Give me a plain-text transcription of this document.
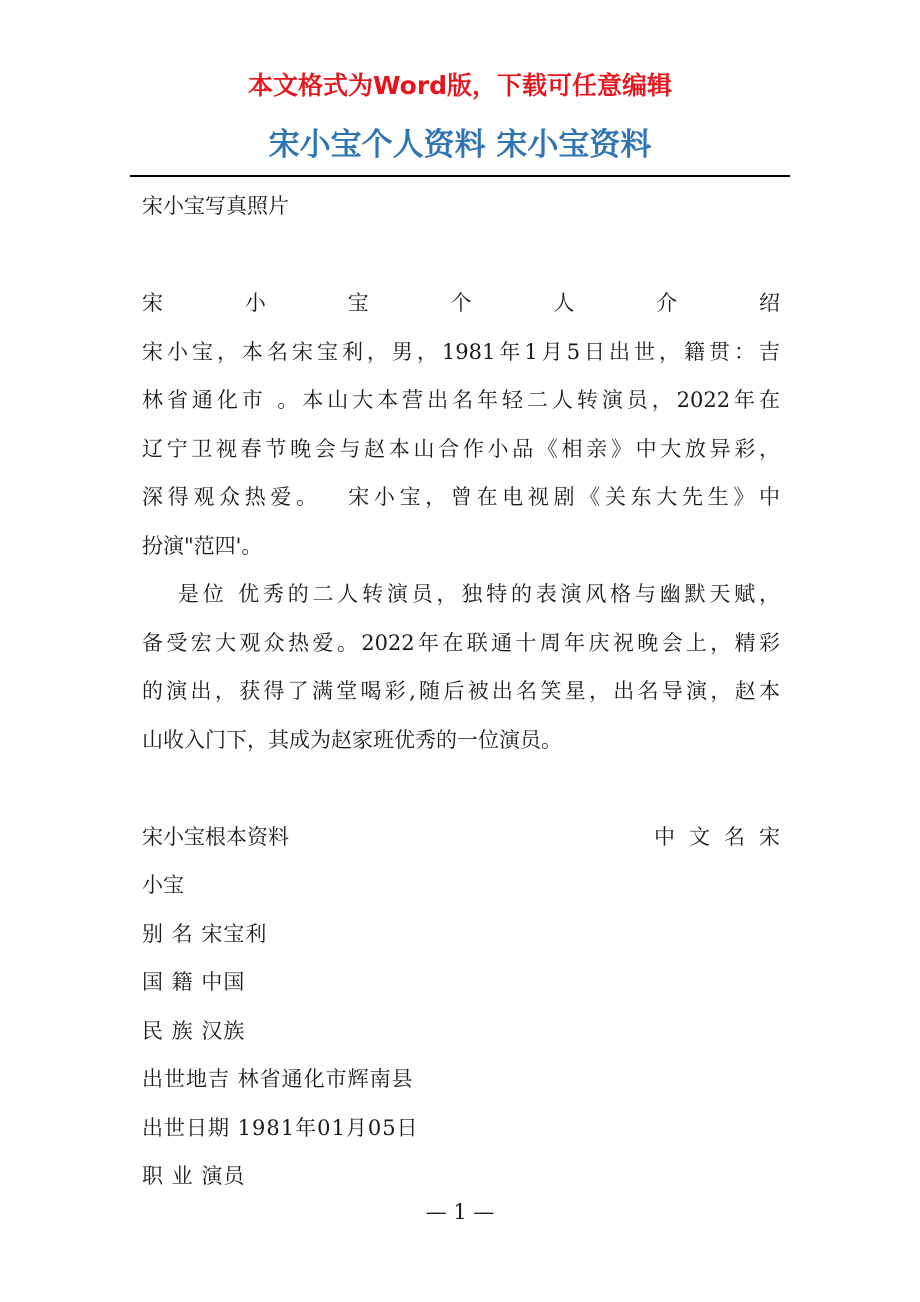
本文格式为Word版，下载可任意编辑
宋小宝个人资料 宋小宝资料
宋小宝写真照片
宋	小	宝	个	人	介	绍
宋小宝，本名宋宝利，男，1981年1月5日出世，籍贯：吉
林省通化市 。本山大本营出名年轻二人转演员，2022年在
辽宁卫视春节晚会与赵本山合作小品《相亲》中大放异彩，
深得观众热爱。　 宋小宝，曾在电视剧《关东大先生》中
扮演"范四'。
是位 优秀的二人转演员，独特的表演风格与幽默天赋，
备受宏大观众热爱。2022年在联通十周年庆祝晚会上，精彩
的演出，获得了满堂喝彩,随后被出名笑星，出名导演，赵本
山收入门下，其成为赵家班优秀的一位演员。
宋小宝根本资料	中文名宋
小宝
别 名 宋宝利
国 籍 中国
民 族 汉族
出世地吉 林省通化市辉南县
出世日期 1981年01月05日
职 业 演员
— 1 —
